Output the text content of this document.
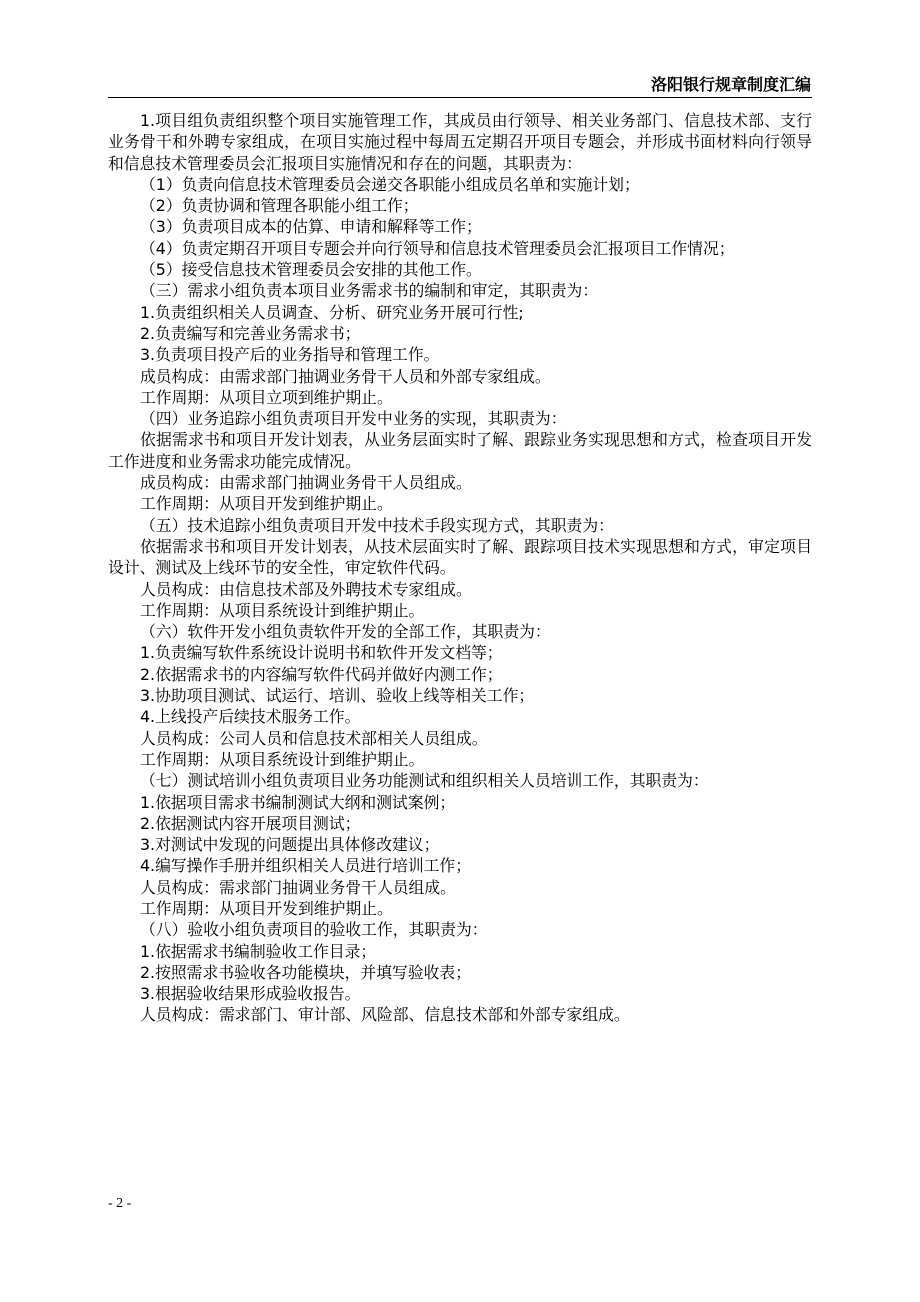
洛阳银行规章制度汇编

1.项目组负责组织整个项目实施管理工作，其成员由行领导、相关业务部门、信息技术部、支行业务骨干和外聘专家组成，在项目实施过程中每周五定期召开项目专题会，并形成书面材料向行领导和信息技术管理委员会汇报项目实施情况和存在的问题，其职责为：

（1）负责向信息技术管理委员会递交各职能小组成员名单和实施计划；

（2）负责协调和管理各职能小组工作；

（3）负责项目成本的估算、申请和解释等工作；

（4）负责定期召开项目专题会并向行领导和信息技术管理委员会汇报项目工作情况；

（5）接受信息技术管理委员会安排的其他工作。

（三）需求小组负责本项目业务需求书的编制和审定，其职责为：

1.负责组织相关人员调查、分析、研究业务开展可行性;

2.负责编写和完善业务需求书；

3.负责项目投产后的业务指导和管理工作。

成员构成：由需求部门抽调业务骨干人员和外部专家组成。

工作周期：从项目立项到维护期止。

（四）业务追踪小组负责项目开发中业务的实现，其职责为：

依据需求书和项目开发计划表，从业务层面实时了解、跟踪业务实现思想和方式，检查项目开发工作进度和业务需求功能完成情况。

成员构成：由需求部门抽调业务骨干人员组成。

工作周期：从项目开发到维护期止。

（五）技术追踪小组负责项目开发中技术手段实现方式，其职责为：

依据需求书和项目开发计划表，从技术层面实时了解、跟踪项目技术实现思想和方式，审定项目设计、测试及上线环节的安全性，审定软件代码。

人员构成：由信息技术部及外聘技术专家组成。

工作周期：从项目系统设计到维护期止。

（六）软件开发小组负责软件开发的全部工作，其职责为：

1.负责编写软件系统设计说明书和软件开发文档等；

2.依据需求书的内容编写软件代码并做好内测工作；

3.协助项目测试、试运行、培训、验收上线等相关工作；

4.上线投产后续技术服务工作。

人员构成：公司人员和信息技术部相关人员组成。

工作周期：从项目系统设计到维护期止。

（七）测试培训小组负责项目业务功能测试和组织相关人员培训工作，其职责为：

1.依据项目需求书编制测试大纲和测试案例；

2.依据测试内容开展项目测试；

3.对测试中发现的问题提出具体修改建议；

4.编写操作手册并组织相关人员进行培训工作；

人员构成：需求部门抽调业务骨干人员组成。

工作周期：从项目开发到维护期止。

（八）验收小组负责项目的验收工作，其职责为：

1.依据需求书编制验收工作目录；

2.按照需求书验收各功能模块，并填写验收表；

3.根据验收结果形成验收报告。

人员构成：需求部门、审计部、风险部、信息技术部和外部专家组成。

- 2 -
